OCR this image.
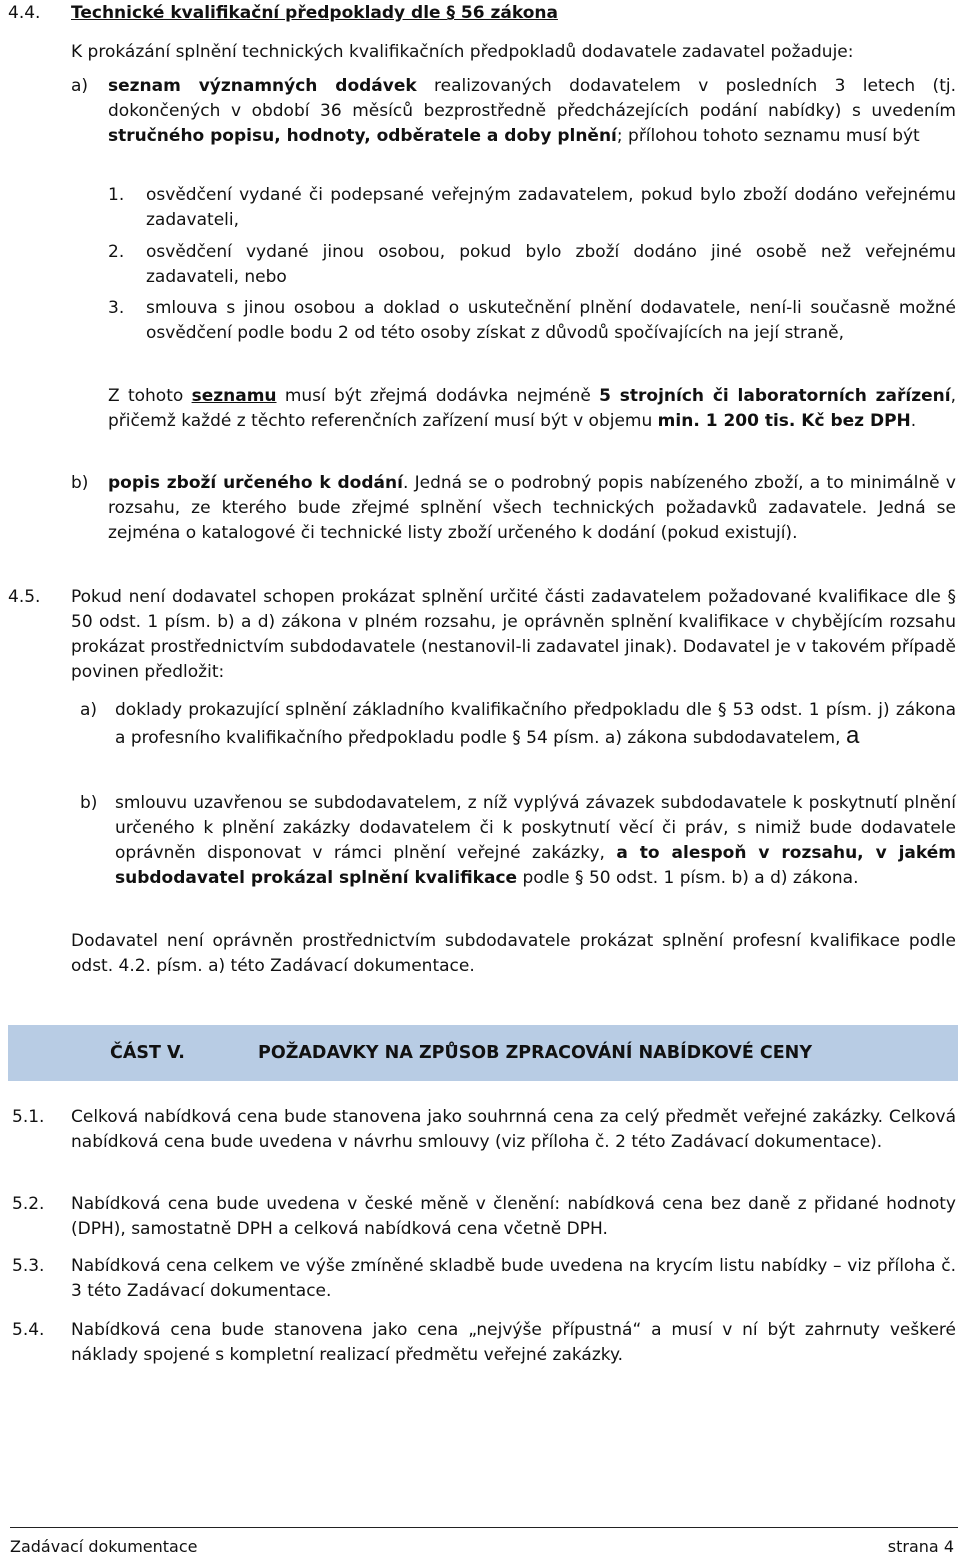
4.4. Technické kvalifikační předpoklady dle § 56 zákona
K prokázání splnění technických kvalifikačních předpokladů dodavatele zadavatel požaduje:
a) seznam významných dodávek realizovaných dodavatelem v posledních 3 letech (tj. dokončených v období 36 měsíců bezprostředně předcházejících podání nabídky) s uvedením stručného popisu, hodnoty, odběratele a doby plnění; přílohou tohoto seznamu musí být
1. osvědčení vydané či podepsané veřejným zadavatelem, pokud bylo zboží dodáno veřejnému zadavateli,
2. osvědčení vydané jinou osobou, pokud bylo zboží dodáno jiné osobě než veřejnému zadavateli, nebo
3. smlouva s jinou osobou a doklad o uskutečnění plnění dodavatele, není-li současně možné osvědčení podle bodu 2 od této osoby získat z důvodů spočívajících na její straně,
Z tohoto seznamu musí být zřejmá dodávka nejméně 5 strojních či laboratorních zařízení, přičemž každé z těchto referenčních zařízení musí být v objemu min. 1 200 tis. Kč bez DPH.
b) popis zboží určeného k dodání. Jedná se o podrobný popis nabízeného zboží, a to minimálně v rozsahu, ze kterého bude zřejmé splnění všech technických požadavků zadavatele. Jedná se zejména o katalogové či technické listy zboží určeného k dodání (pokud existují).
4.5. Pokud není dodavatel schopen prokázat splnění určité části zadavatelem požadované kvalifikace dle § 50 odst. 1 písm. b) a d) zákona v plném rozsahu, je oprávněn splnění kvalifikace v chybějícím rozsahu prokázat prostřednictvím subdodavatele (nestanovil-li zadavatel jinak). Dodavatel je v takovém případě povinen předložit:
a) doklady prokazující splnění základního kvalifikačního předpokladu dle § 53 odst. 1 písm. j) zákona a profesního kvalifikačního předpokladu podle § 54 písm. a) zákona subdodavatelem, a
b) smlouvu uzavřenou se subdodavatelem, z níž vyplývá závazek subdodavatele k poskytnutí plnění určeného k plnění zakázky dodavatelem či k poskytnutí věcí či práv, s nimiž bude dodavatele oprávněn disponovat v rámci plnění veřejné zakázky, a to alespoň v rozsahu, v jakém subdodavatel prokázal splnění kvalifikace podle § 50 odst. 1 písm. b) a d) zákona.
Dodavatel není oprávněn prostřednictvím subdodavatele prokázat splnění profesní kvalifikace podle odst. 4.2. písm. a) této Zadávací dokumentace.
ČÁST V.	POŽADAVKY NA ZPŮSOB ZPRACOVÁNÍ NABÍDKOVÉ CENY
5.1. Celková nabídková cena bude stanovena jako souhrnná cena za celý předmět veřejné zakázky. Celková nabídková cena bude uvedena v návrhu smlouvy (viz příloha č. 2 této Zadávací dokumentace).
5.2. Nabídková cena bude uvedena v české měně v členění: nabídková cena bez daně z přidané hodnoty (DPH), samostatně DPH a celková nabídková cena včetně DPH.
5.3. Nabídková cena celkem ve výše zmíněné skladbě bude uvedena na krycím listu nabídky – viz příloha č. 3 této Zadávací dokumentace.
5.4. Nabídková cena bude stanovena jako cena „nejvýše přípustná“ a musí v ní být zahrnuty veškeré náklady spojené s kompletní realizací předmětu veřejné zakázky.
Zadávací dokumentace	strana 4
